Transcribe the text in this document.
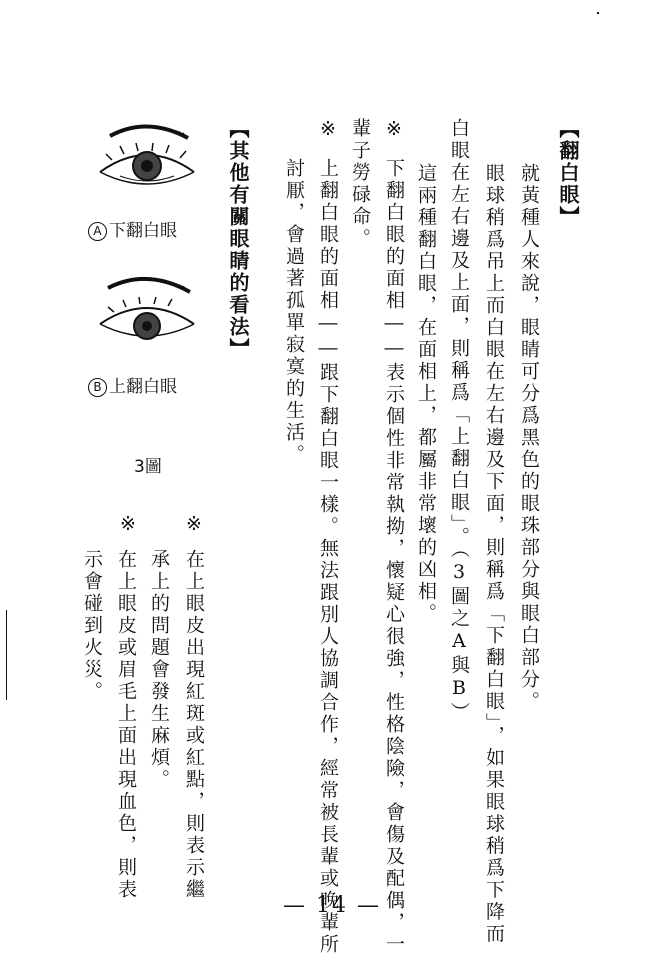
【翻白眼】
就黃種人來說，眼睛可分爲黑色的眼珠部分與眼白部分。
眼球稍爲吊上而白眼在左右邊及下面，則稱爲「下翻白眼」，如果眼球稍爲下降而
白眼在左右邊及上面，則稱爲「上翻白眼」。（3圖之A與B）
這兩種翻白眼，在面相上，都屬非常壞的凶相。
※
下翻白眼的面相――表示個性非常執拗，懷疑心很強，性格陰險，會傷及配偶，一
輩子勞碌命。
※
上翻白眼的面相――跟下翻白眼一樣。無法跟別人協調合作，經常被長輩或晚輩所
討厭，會過著孤單寂寞的生活。
【其他有關眼睛的看法】
A 下翻白眼
B 上翻白眼
3圖
※
在上眼皮出現紅斑或紅點，則表示繼
承上的問題會發生麻煩。
※
在上眼皮或眉毛上面出現血色，則表
示會碰到火災。
— 14 —
